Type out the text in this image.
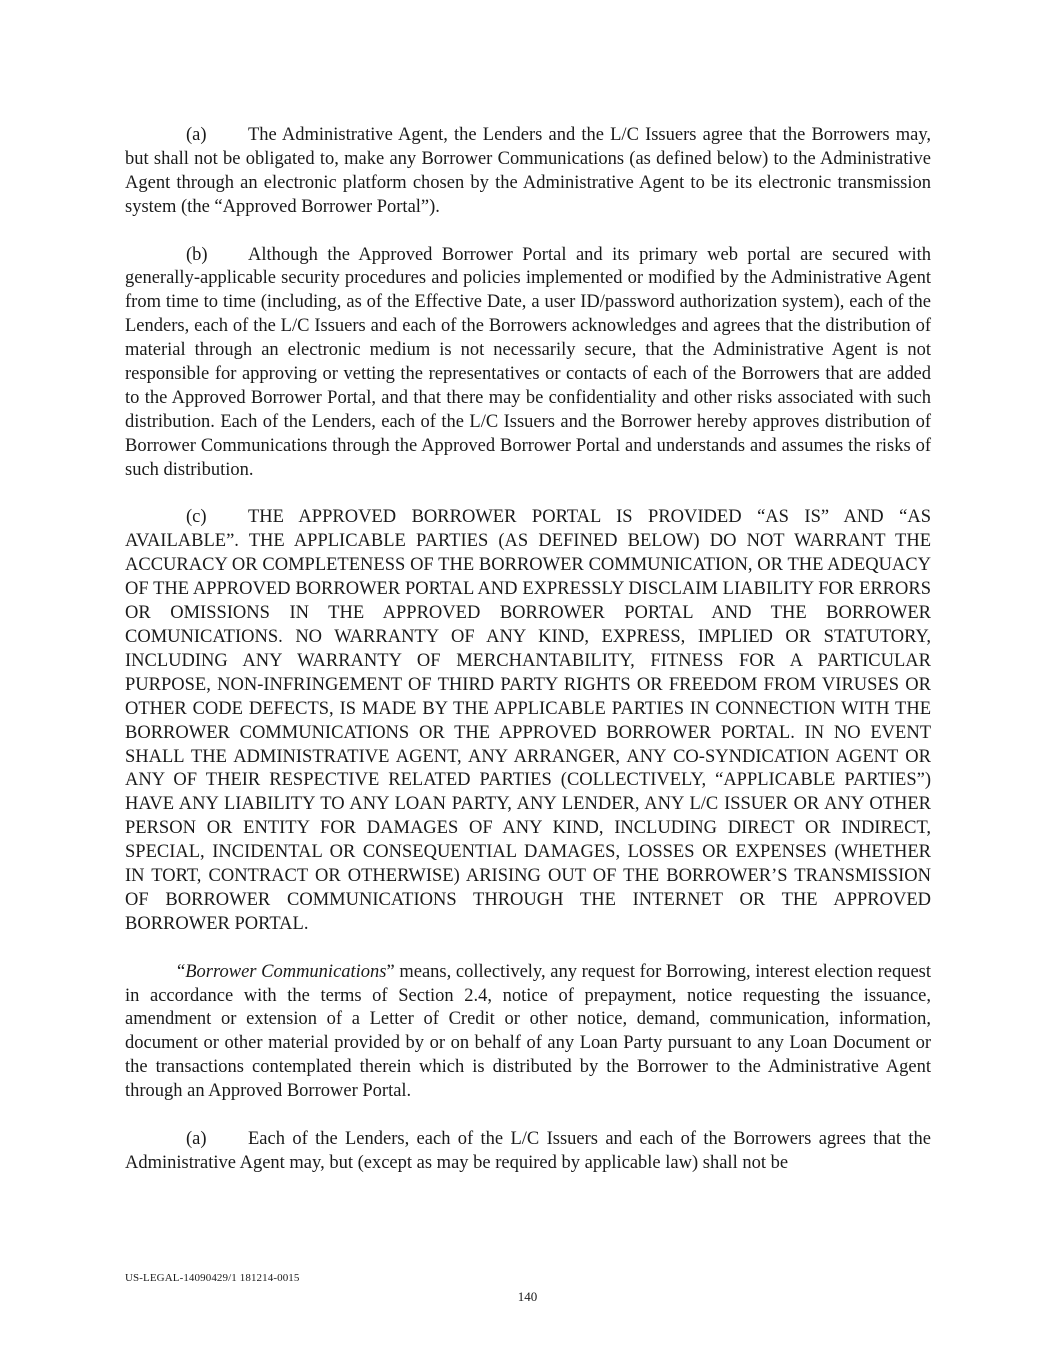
(a) The Administrative Agent, the Lenders and the L/C Issuers agree that the Borrowers may, but shall not be obligated to, make any Borrower Communications (as defined below) to the Administrative Agent through an electronic platform chosen by the Administrative Agent to be its electronic transmission system (the “Approved Borrower Portal”).

(b) Although the Approved Borrower Portal and its primary web portal are secured with generally-applicable security procedures and policies implemented or modified by the Administrative Agent from time to time (including, as of the Effective Date, a user ID/password authorization system), each of the Lenders, each of the L/C Issuers and each of the Borrowers acknowledges and agrees that the distribution of material through an electronic medium is not necessarily secure, that the Administrative Agent is not responsible for approving or vetting the representatives or contacts of each of the Borrowers that are added to the Approved Borrower Portal, and that there may be confidentiality and other risks associated with such distribution. Each of the Lenders, each of the L/C Issuers and the Borrower hereby approves distribution of Borrower Communications through the Approved Borrower Portal and understands and assumes the risks of such distribution.

(c) THE APPROVED BORROWER PORTAL IS PROVIDED “AS IS” AND “AS AVAILABLE”. THE APPLICABLE PARTIES (AS DEFINED BELOW) DO NOT WARRANT THE ACCURACY OR COMPLETENESS OF THE BORROWER COMMUNICATION, OR THE ADEQUACY OF THE APPROVED BORROWER PORTAL AND EXPRESSLY DISCLAIM LIABILITY FOR ERRORS OR OMISSIONS IN THE APPROVED BORROWER PORTAL AND THE BORROWER COMUNICATIONS. NO WARRANTY OF ANY KIND, EXPRESS, IMPLIED OR STATUTORY, INCLUDING ANY WARRANTY OF MERCHANTABILITY, FITNESS FOR A PARTICULAR PURPOSE, NON-INFRINGEMENT OF THIRD PARTY RIGHTS OR FREEDOM FROM VIRUSES OR OTHER CODE DEFECTS, IS MADE BY THE APPLICABLE PARTIES IN CONNECTION WITH THE BORROWER COMMUNICATIONS OR THE APPROVED BORROWER PORTAL. IN NO EVENT SHALL THE ADMINISTRATIVE AGENT, ANY ARRANGER, ANY CO-SYNDICATION AGENT OR ANY OF THEIR RESPECTIVE RELATED PARTIES (COLLECTIVELY, “APPLICABLE PARTIES”) HAVE ANY LIABILITY TO ANY LOAN PARTY, ANY LENDER, ANY L/C ISSUER OR ANY OTHER PERSON OR ENTITY FOR DAMAGES OF ANY KIND, INCLUDING DIRECT OR INDIRECT, SPECIAL, INCIDENTAL OR CONSEQUENTIAL DAMAGES, LOSSES OR EXPENSES (WHETHER IN TORT, CONTRACT OR OTHERWISE) ARISING OUT OF THE BORROWER’S TRANSMISSION OF BORROWER COMMUNICATIONS THROUGH THE INTERNET OR THE APPROVED BORROWER PORTAL.

“Borrower Communications” means, collectively, any request for Borrowing, interest election request in accordance with the terms of Section 2.4, notice of prepayment, notice requesting the issuance, amendment or extension of a Letter of Credit or other notice, demand, communication, information, document or other material provided by or on behalf of any Loan Party pursuant to any Loan Document or the transactions contemplated therein which is distributed by the Borrower to the Administrative Agent through an Approved Borrower Portal.

(a) Each of the Lenders, each of the L/C Issuers and each of the Borrowers agrees that the Administrative Agent may, but (except as may be required by applicable law) shall not be

US-LEGAL-14090429/1 181214-0015
140
